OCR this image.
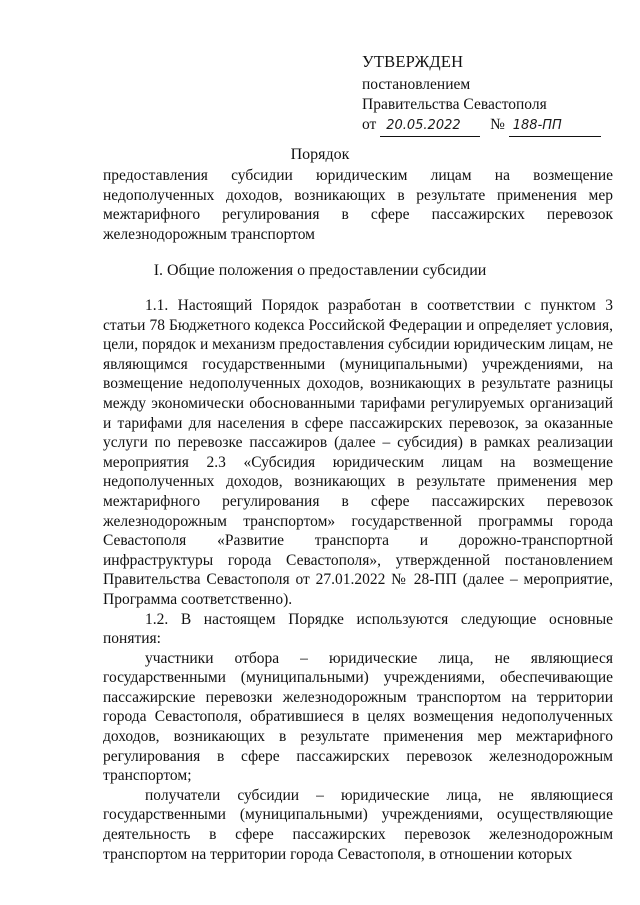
УТВЕРЖДЕН
постановлением
Правительства Севастополя
от 20.05.2022 № 188-ПП
Порядок
предоставления субсидии юридическим лицам на возмещение недополученных доходов, возникающих в результате применения мер межтарифного регулирования в сфере пассажирских перевозок железнодорожным транспортом
I. Общие положения о предоставлении субсидии

1.1. Настоящий Порядок разработан в соответствии с пунктом 3 статьи 78 Бюджетного кодекса Российской Федерации и определяет условия, цели, порядок и механизм предоставления субсидии юридическим лицам, не являющимся государственными (муниципальными) учреждениями, на возмещение недополученных доходов, возникающих в результате разницы между экономически обоснованными тарифами регулируемых организаций и тарифами для населения в сфере пассажирских перевозок, за оказанные услуги по перевозке пассажиров (далее – субсидия) в рамках реализации мероприятия 2.3 «Субсидия юридическим лицам на возмещение недополученных доходов, возникающих в результате применения мер межтарифного регулирования в сфере пассажирских перевозок железнодорожным транспортом» государственной программы города Севастополя «Развитие транспорта и дорожно-транспортной инфраструктуры города Севастополя», утвержденной постановлением Правительства Севастополя от 27.01.2022 № 28-ПП (далее – мероприятие, Программа соответственно).

1.2. В настоящем Порядке используются следующие основные понятия:

участники отбора – юридические лица, не являющиеся государственными (муниципальными) учреждениями, обеспечивающие пассажирские перевозки железнодорожным транспортом на территории города Севастополя, обратившиеся в целях возмещения недополученных доходов, возникающих в результате применения мер межтарифного регулирования в сфере пассажирских перевозок железнодорожным транспортом;

получатели субсидии – юридические лица, не являющиеся государственными (муниципальными) учреждениями, осуществляющие деятельность в сфере пассажирских перевозок железнодорожным транспортом на территории города Севастополя, в отношении которых
